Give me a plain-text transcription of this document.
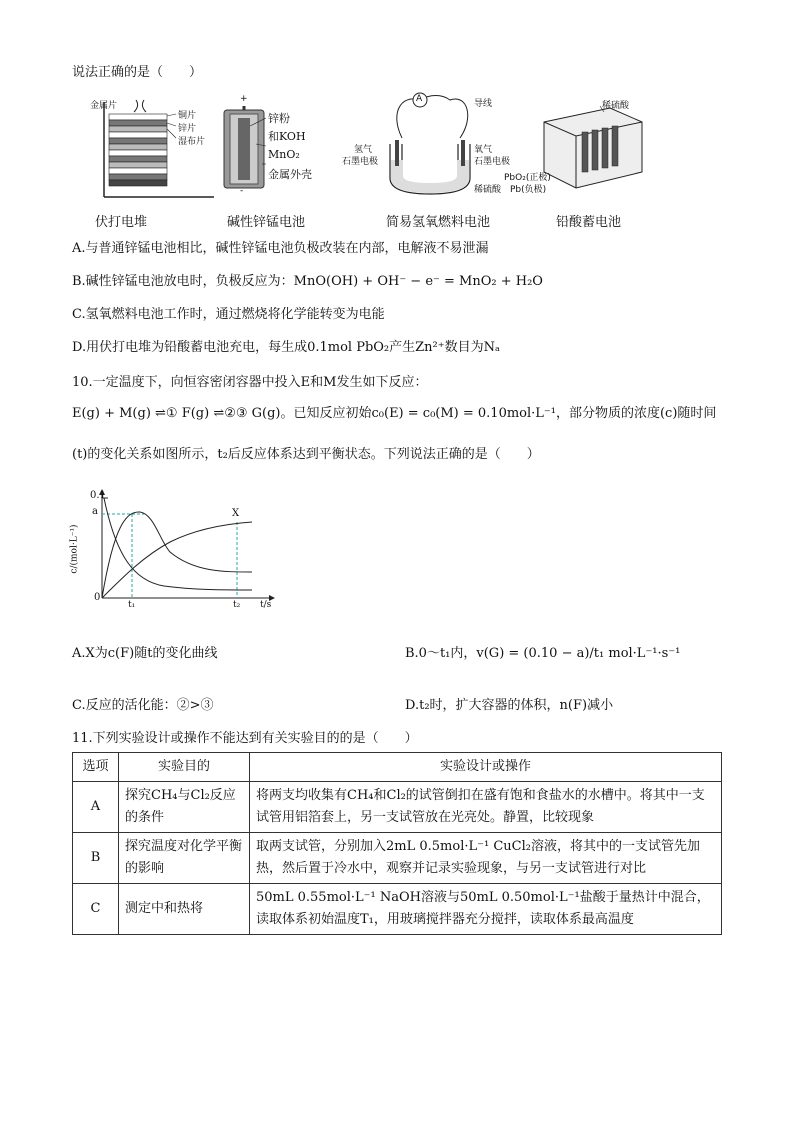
说法正确的是（　　）
金属片
铜片
锌片
湿布片
+
锌粉
和KOH
MnO₂
金属外壳
-
A	导线
氢气
石墨电极
氧气
石墨电极
稀硫酸
稀硫酸
PbO₂(正极)
Pb(负极)
伏打电堆	碱性锌锰电池	简易氢氧燃料电池	铅酸蓄电池
A.与普通锌锰电池相比，碱性锌锰电池负极改装在内部，电解液不易泄漏
B.碱性锌锰电池放电时，负极反应为：MnO(OH) + OH⁻ − e⁻ = MnO₂ + H₂O
C.氢氧燃料电池工作时，通过燃烧将化学能转变为电能
D.用伏打电堆为铅酸蓄电池充电，每生成0.1mol PbO₂产生Zn²⁺数目为Nₐ
10.一定温度下，向恒容密闭容器中投入E和M发生如下反应：
E(g) + M(g) ⇌① F(g) ⇌②③ G(g)。已知反应初始c₀(E) = c₀(M) = 0.10mol·L⁻¹，部分物质的浓度(c)随时间
(t)的变化关系如图所示，t₂后反应体系达到平衡状态。下列说法正确的是（　　）
0.1
a
0
c/(mol·L⁻¹)
t₁	t₂ t/s
X
A.X为c(F)随t的变化曲线	B.0～t₁内，v(G) = (0.10 − a)/t₁ mol·L⁻¹·s⁻¹
C.反应的活化能：②>③	D.t₂时，扩大容器的体积，n(F)减小
11.下列实验设计或操作不能达到有关实验目的的是（　　）
选项	实验目的	实验设计或操作
A	探究CH₄与Cl₂反应的条件	将两支均收集有CH₄和Cl₂的试管倒扣在盛有饱和食盐水的水槽中。将其中一支试管用铝箔套上，另一支试管放在光亮处。静置，比较现象
B	探究温度对化学平衡的影响	取两支试管，分别加入2mL 0.5mol·L⁻¹ CuCl₂溶液，将其中的一支试管先加热，然后置于冷水中，观察并记录实验现象，与另一支试管进行对比
C	测定中和热将	50mL 0.55mol·L⁻¹ NaOH溶液与50mL 0.50mol·L⁻¹盐酸于量热计中混合，读取体系初始温度T₁，用玻璃搅拌器充分搅拌，读取体系最高温度
